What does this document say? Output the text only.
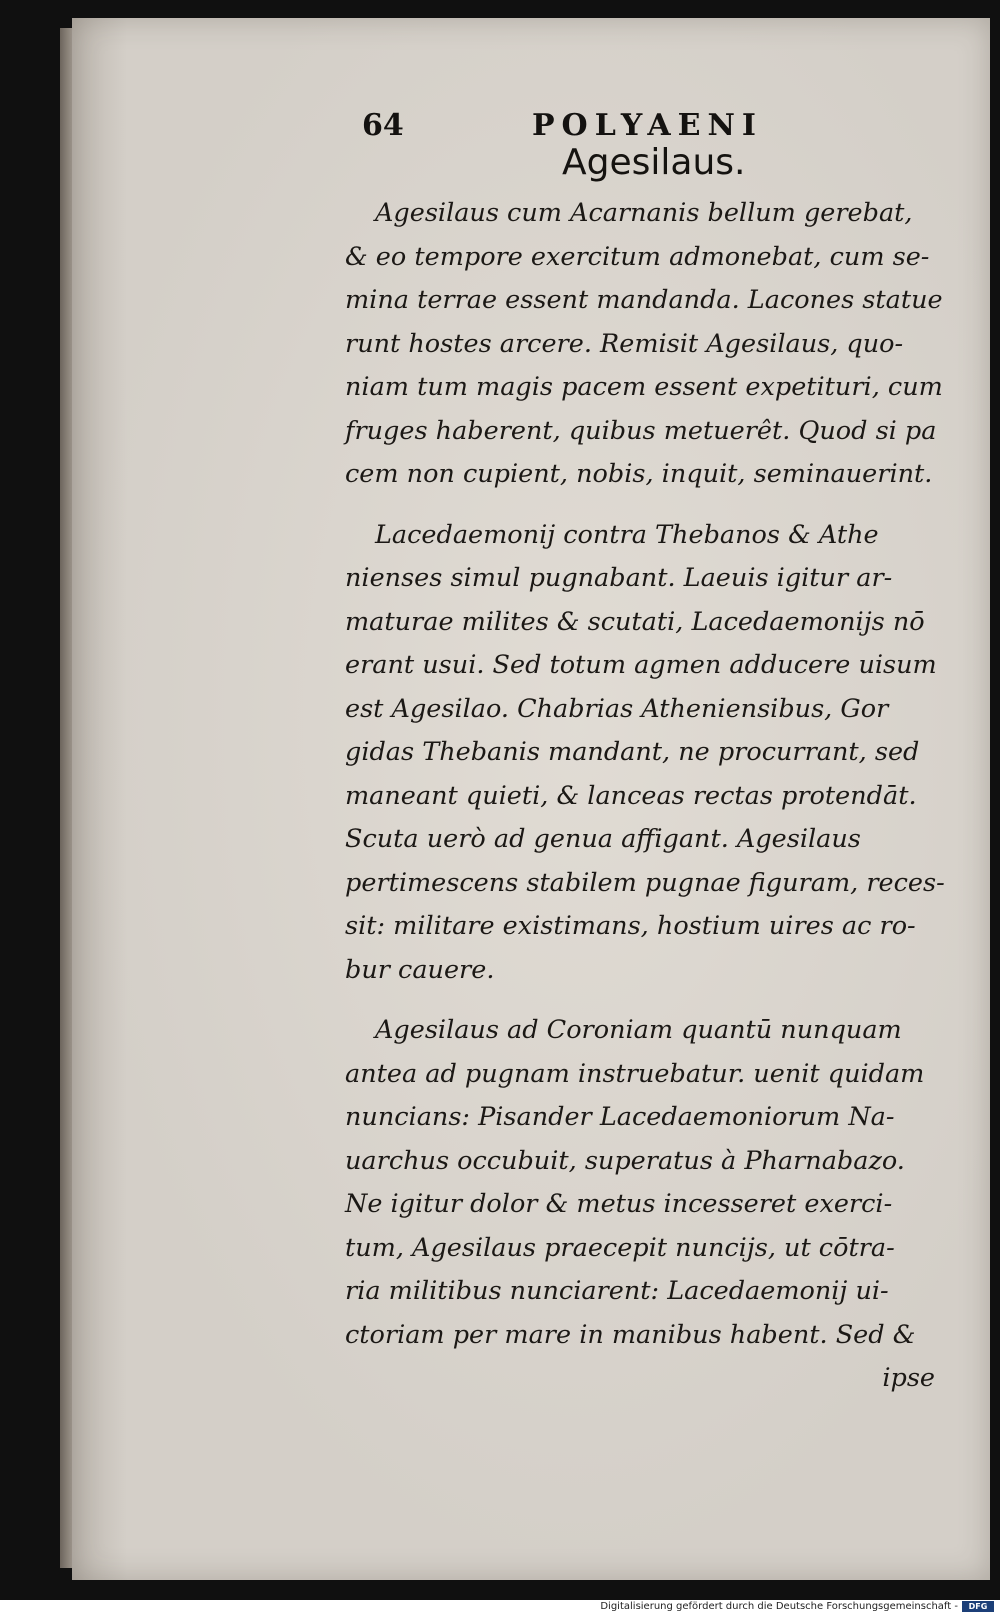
64	POLYAENI
Agesilaus.
Agesilaus cum Acarnanis bellum gerebat,
& eo tempore exercitum admonebat, cum se-
mina terrae essent mandanda. Lacones statue
runt hostes arcere. Remisit Agesilaus, quo-
niam tum magis pacem essent expetituri, cum
fruges haberent, quibus metuerêt. Quod si pa
cem non cupient, nobis, inquit, seminauerint.
Lacedaemonij contra Thebanos & Athe
nienses simul pugnabant. Laeuis igitur ar-
maturae milites & scutati, Lacedaemonijs nō
erant usui. Sed totum agmen adducere uisum
est Agesilao. Chabrias Atheniensibus, Gor
gidas Thebanis mandant, ne procurrant, sed
maneant quieti, & lanceas rectas protendāt.
Scuta uerò ad genua affigant. Agesilaus
pertimescens stabilem pugnae figuram, reces-
sit: militare existimans, hostium uires ac ro-
bur cauere.
Agesilaus ad Coroniam quantū nunquam
antea ad pugnam instruebatur. uenit quidam
nuncians: Pisander Lacedaemoniorum Na-
uarchus occubuit, superatus à Pharnabazo.
Ne igitur dolor & metus incesseret exerci-
tum, Agesilaus praecepit nuncijs, ut cōtra-
ria militibus nunciarent: Lacedaemonij ui-
ctoriam per mare in manibus habent. Sed &
ipse
Digitalisierung gefördert durch die Deutsche Forschungsgemeinschaft -	DFG
